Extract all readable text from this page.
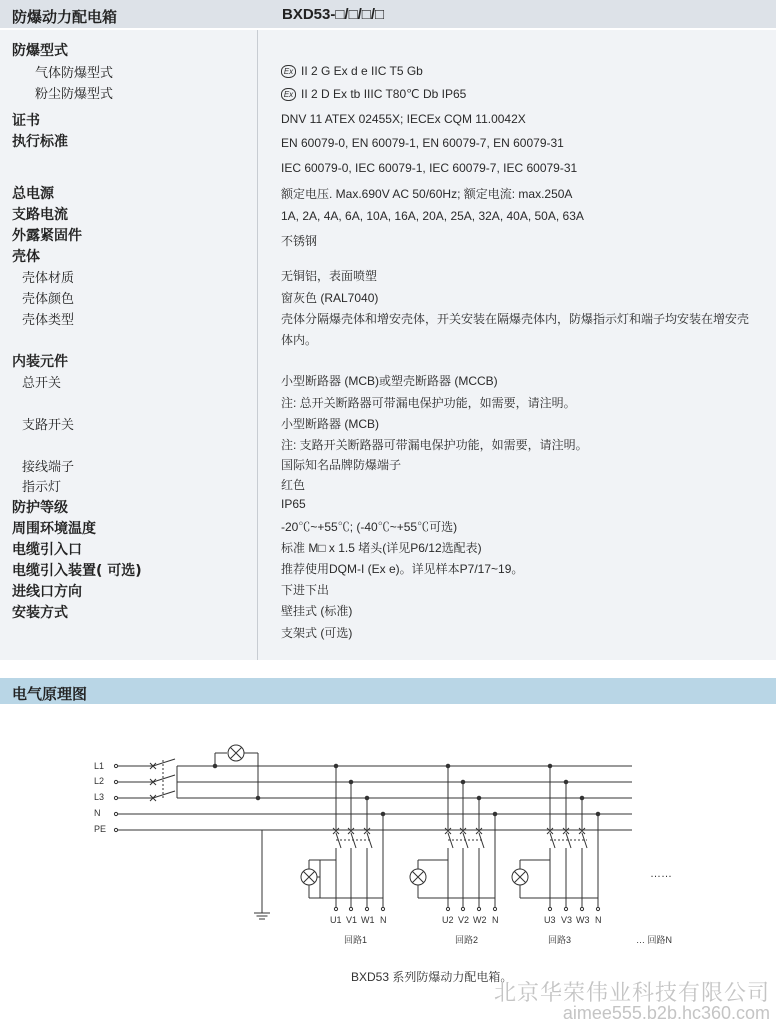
防爆动力配电箱	BXD53-□/□/□/□
防爆型式
气体防爆型式
粉尘防爆型式
证书
执行标准
总电源
支路电流
外露紧固件
壳体
壳体材质
壳体颜色
壳体类型
内装元件
总开关
支路开关
接线端子
指示灯
防护等级
周围环境温度
电缆引入口
电缆引入装置( 可选)
进线口方向
安装方式
Ex II 2 G Ex d e IIC T5 Gb
Ex II 2 D Ex tb IIIC T80℃ Db IP65
DNV 11 ATEX 02455X; IECEx CQM 11.0042X
EN 60079-0, EN 60079-1, EN 60079-7, EN 60079-31
IEC 60079-0, IEC 60079-1, IEC 60079-7, IEC 60079-31
额定电压. Max.690V AC 50/60Hz; 额定电流: max.250A
1A, 2A, 4A, 6A, 10A, 16A, 20A, 25A, 32A, 40A, 50A, 63A
不锈钢
无铜铝，表面喷塑
窗灰色 (RAL7040)
壳体分隔爆壳体和增安壳体，开关安装在隔爆壳体内，防爆指示灯和端子均安装在增安壳体内。
小型断路器 (MCB)或塑壳断路器 (MCCB)
注: 总开关断路器可带漏电保护功能，如需要，请注明。
小型断路器 (MCB)
注: 支路开关断路器可带漏电保护功能，如需要，请注明。
国际知名品牌防爆端子
红色
IP65
-20℃~+55℃; (-40℃~+55℃可选)
标准 M□ x 1.5 堵头(详见P6/12选配表)
推荐使用DQM-I (Ex e)。详见样本P7/17~19。
下进下出
壁挂式 (标准)
支架式 (可选)
电气原理图
L1
L2
L3
N
PE
U1 V1 W1 N
回路1
U2 V2 W2 N
回路2
U3 V3 W3 N
回路3
……
… 回路N
BXD53 系列防爆动力配电箱。
北京华荣伟业科技有限公司
aimee555.b2b.hc360.com
